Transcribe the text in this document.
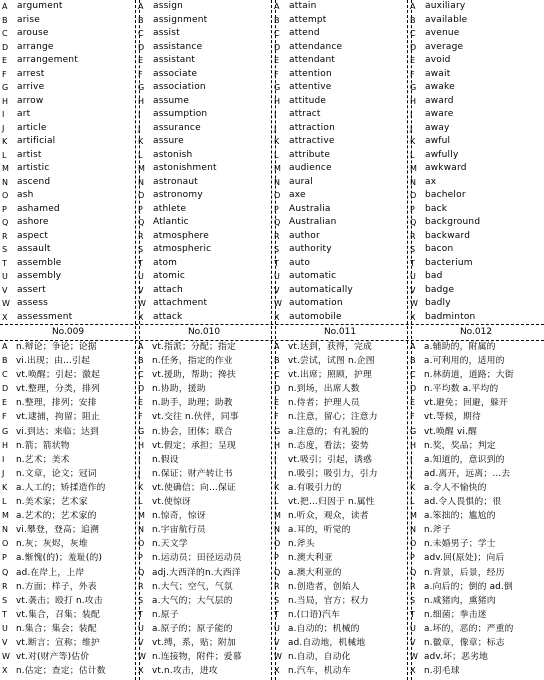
A argument
B arise
C arouse
D arrange
E arrangement
F arrest
G arrive
H arrow
I art
J article
K artificial
L artist
M artistic
N ascend
O ash
P ashamed
Q ashore
R aspect
S assault
T assemble
U assembly
V assert
W assess
X assessment
A assign
B assignment
C assist
D assistance
E assistant
F associate
G association
H assume
I assumption
J assurance
K assure
L astonish
M astonishment
N astronaut
O astronomy
P athlete
Q Atlantic
R atmosphere
S atmospheric
T atom
U atomic
V attach
W attachment
X attack
A attain
B attempt
C attend
D attendance
E attendant
F attention
G attentive
H attitude
I attract
J attraction
K attractive
L attribute
M audience
N aural
O axe
P Australia
Q Australian
R author
S authority
T auto
U automatic
V automatically
W automation
X automobile
A auxiliary
B available
C avenue
D average
E avoid
F await
G awake
H award
I aware
J away
K awful
L awfully
M awkward
N ax
O bachelor
P back
Q background
R backward
S bacon
T bacterium
U bad
V badge
W badly
X badminton
No.009	No.010	No.011	No.012
A n.辩论；争论；论据
B vi.出现；由…引起
C vt.唤醒；引起；激起
D vt.整理，分类，排列
E n.整理，排列；安排
F vt.逮捕，拘留；阻止
G vi.到达；来临；达到
H n.箭；箭状物
I n.艺术；美术
J n.文章，论文；冠词
K a.人工的；矫揉造作的
L n.美术家；艺术家
M a.艺术的；艺术家的
N vi.攀登，登高；追溯
O n.灰；灰烬，灰堆
P a.惭愧(的)；羞耻(的)
Q ad.在岸上，上岸
R n.方面；样子，外表
S vt.袭击；殴打 n.攻击
T vt.集合，召集；装配
U n.集合；集会；装配
V vt.断言；宣称；维护
W vt.对(财产等)估价
X n.估定；查定；估计数
A vt.指派；分配；指定
B n.任务，指定的作业
C vt.援助，帮助；搀扶
D n.协助，援助
E n.助手，助理；助教
F vt.交往 n.伙伴，同事
G n.协会，团体；联合
H vt.假定；承担；呈现
I n.假设
J n.保证；财产转让书
K vt.使确信；向…保证
L vt.使惊讶
M n.惊奇，惊讶
N n.宇宙航行员
O n.天文学
P n.运动员；田径运动员
Q adj.大西洋的n.大西洋
R n.大气；空气，气氛
S a.大气的；大气层的
T n.原子
U a.原子的；原子能的
V vt.缚，系，贴；附加
W n.连接物，附件；爱慕
X vt.n.攻击，进攻
A vt.达到，获得，完成
B vt.尝试，试图 n.企图
C vt.出席；照顾，护理
D n.到场，出席人数
E n.侍者；护理人员
F n.注意，留心；注意力
G a.注意的；有礼貌的
H n.态度，看法；姿势
I vt.吸引；引起，诱惑
J n.吸引；吸引力，引力
K a.有吸引力的
L vt.把…归因于 n.属性
M n.听众，观众，读者
N a.耳的，听觉的
O n.斧头
P n.澳大利亚
Q a.澳大利亚的
R n.创造者，创始人
S n.当局，官方；权力
T n.(口语)汽车
U a.自动的；机械的
V ad.自动地，机械地
W n.自动，自动化
X n.汽车，机动车
A a.辅助的，附属的
B a.可利用的，适用的
C n.林荫道，道路；大街
D n.平均数 a.平均的
E vt.避免；回避，躲开
F vt.等候，期待
G vt.唤醒 vi.醒
H n.奖，奖品；判定
I a.知道的，意识到的
J ad.离开，远离；…去
K a.令人不愉快的
L ad.令人畏惧的；很
M a.笨拙的；尴尬的
N n.斧子
O n.未婚男子；学士
P adv.回(原处)；向后
Q n.背景，后景，经历
R a.向后的；倒的 ad.倒
S n.咸猪肉，熏猪肉
T n.细菌；拳击迷
U a.坏的，恶的；严重的
V n.徽章，像章；标志
W adv.坏；恶劣地
X n.羽毛球
